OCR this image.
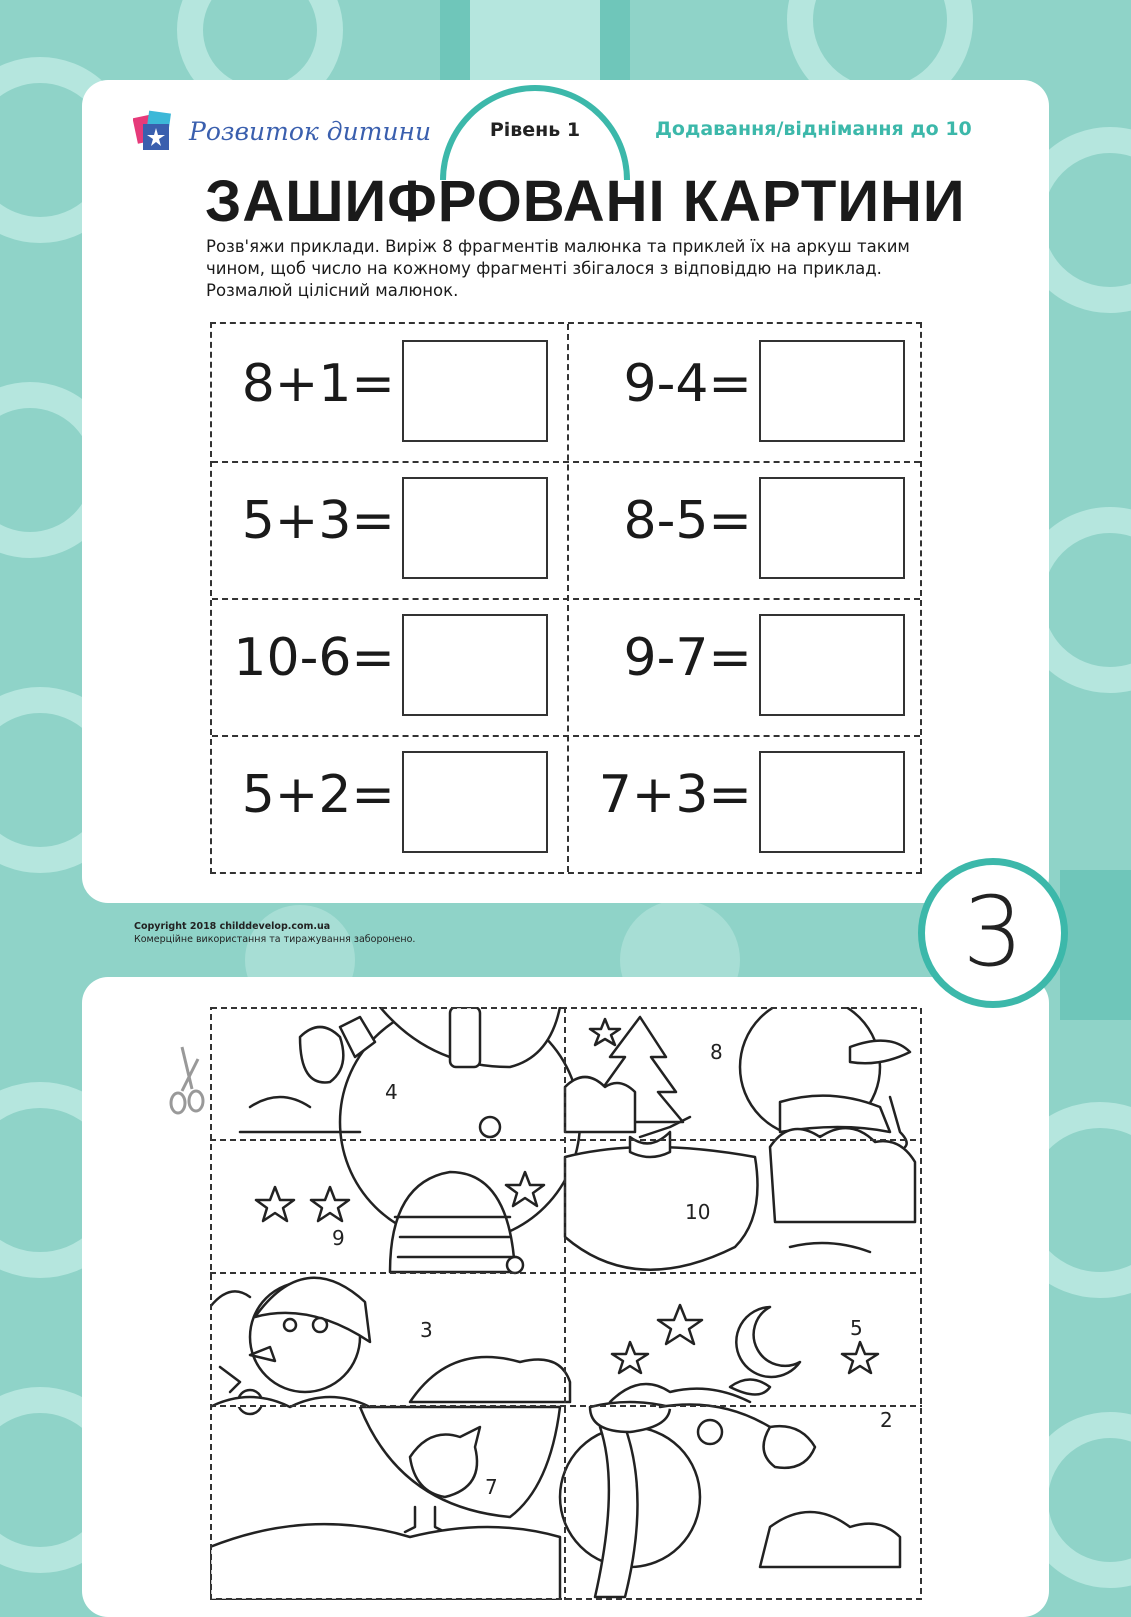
Розвиток дитини	Рівень 1	Додавання/віднімання до 10
ЗАШИФРОВАНІ КАРТИНИ
Розв'яжи приклади. Виріж 8 фрагментів малюнка та приклей їх на аркуш таким чином, щоб число на кожному фрагменті збігалося з відповіддю на приклад. Розмалюй цілісний малюнок.
8+1=	9-4=
5+3=	8-5=
10-6=	9-7=
5+2=	7+3=
Copyright 2018 childdevelop.com.ua
Комерційне використання та тиражування заборонено.	3
4
8
9
10
3	5
7
2
